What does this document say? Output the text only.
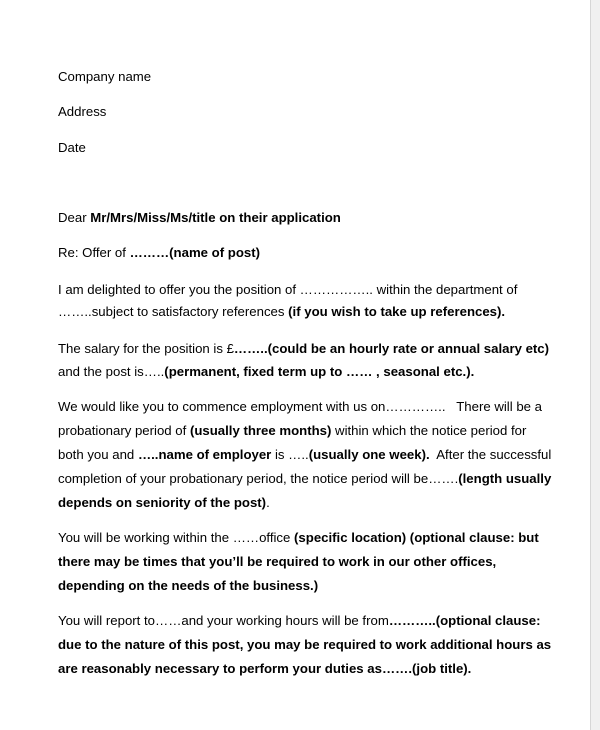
Company name

Address

Date

Dear Mr/Mrs/Miss/Ms/title on their application

Re: Offer of ………(name of post)

I am delighted to offer you the position of …………….. within the department of

……..subject to satisfactory references (if you wish to take up references).

The salary for the position is £……..(could be an hourly rate or annual salary etc)

and the post is…..(permanent, fixed term up to …… , seasonal etc.).

We would like you to commence employment with us on…………..   There will be a

probationary period of (usually three months) within which the notice period for

both you and …..name of employer is …..(usually one week).  After the successful

completion of your probationary period, the notice period will be…….(length usually

depends on seniority of the post).

You will be working within the ……office (specific location) (optional clause: but

there may be times that you’ll be required to work in our other offices,

depending on the needs of the business.)

You will report to……and your working hours will be from………..(optional clause:

due to the nature of this post, you may be required to work additional hours as

are reasonably necessary to perform your duties as…….(job title).
